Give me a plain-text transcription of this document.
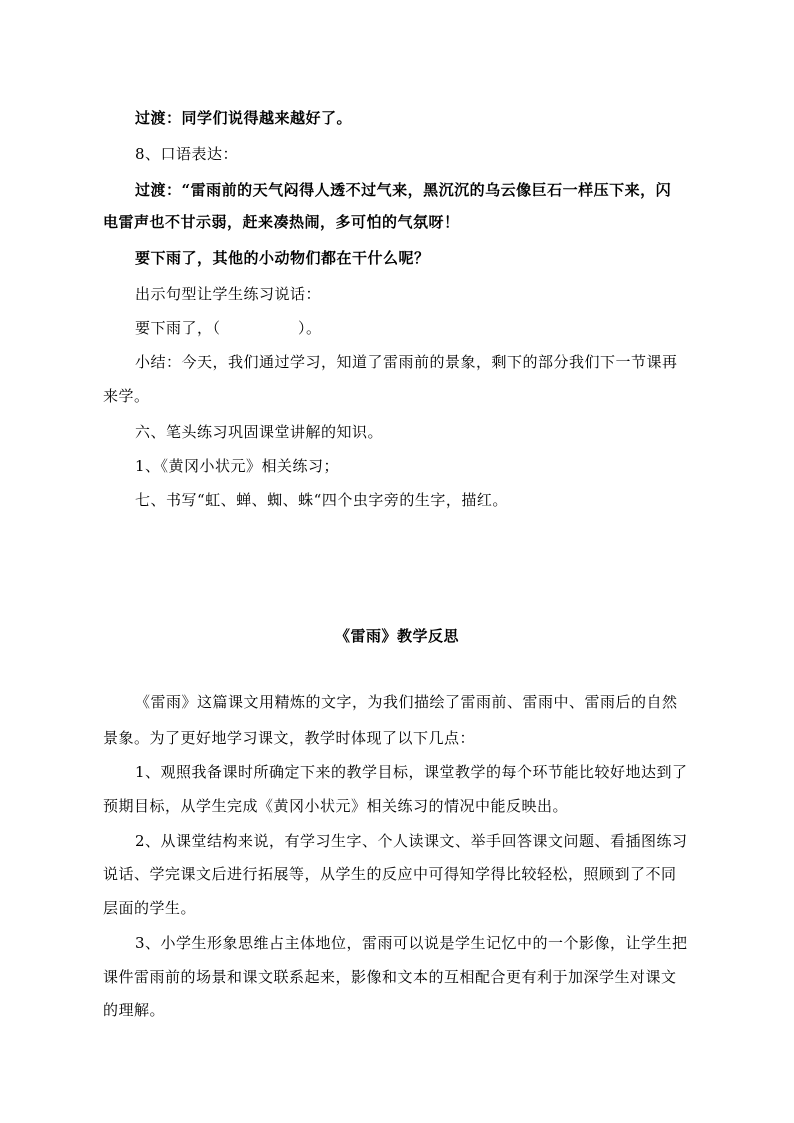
过渡：同学们说得越来越好了。
8、口语表达：
过渡：“雷雨前的天气闷得人透不过气来，黑沉沉的乌云像巨石一样压下来，闪
电雷声也不甘示弱，赶来凑热闹，多可怕的气氛呀！
要下雨了，其他的小动物们都在干什么呢？
出示句型让学生练习说话：
要下雨了，（　　　　　）。
小结：今天，我们通过学习，知道了雷雨前的景象，剩下的部分我们下一节课再
来学。
六、笔头练习巩固课堂讲解的知识。
1、《黄冈小状元》相关练习；
七、书写“虹、蝉、蜘、蛛“四个虫字旁的生字，描红。
《雷雨》教学反思
《雷雨》这篇课文用精炼的文字，为我们描绘了雷雨前、雷雨中、雷雨后的自然
景象。为了更好地学习课文，教学时体现了以下几点：
1、观照我备课时所确定下来的教学目标，课堂教学的每个环节能比较好地达到了
预期目标，从学生完成《黄冈小状元》相关练习的情况中能反映出。
2、从课堂结构来说，有学习生字、个人读课文、举手回答课文问题、看插图练习
说话、学完课文后进行拓展等，从学生的反应中可得知学得比较轻松，照顾到了不同
层面的学生。
3、小学生形象思维占主体地位，雷雨可以说是学生记忆中的一个影像，让学生把
课件雷雨前的场景和课文联系起来，影像和文本的互相配合更有利于加深学生对课文
的理解。
